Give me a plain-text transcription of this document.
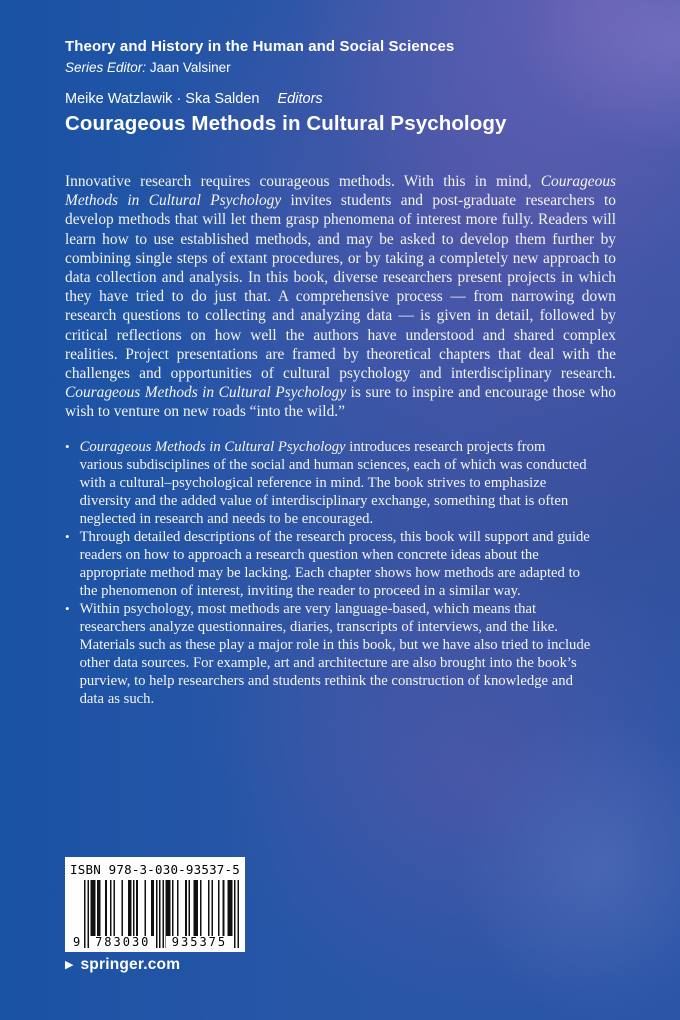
Theory and History in the Human and Social Sciences
Series Editor: Jaan Valsiner
Meike Watzlawik · Ska Salden Editors
Courageous Methods in Cultural Psychology

Innovative research requires courageous methods. With this in mind, Courageous Methods in Cultural Psychology invites students and post-graduate researchers to develop methods that will let them grasp phenomena of interest more fully. Readers will learn how to use established methods, and may be asked to develop them further by combining single steps of extant procedures, or by taking a completely new approach to data collection and analysis. In this book, diverse researchers present projects in which they have tried to do just that. A comprehensive process — from narrowing down research questions to collecting and analyzing data — is given in detail, followed by critical reflections on how well the authors have understood and shared complex realities. Project presentations are framed by theoretical chapters that deal with the challenges and opportunities of cultural psychology and interdisciplinary research. Courageous Methods in Cultural Psychology is sure to inspire and encourage those who wish to venture on new roads “into the wild.”

• Courageous Methods in Cultural Psychology introduces research projects from various subdisciplines of the social and human sciences, each of which was conducted with a cultural–psychological reference in mind. The book strives to emphasize diversity and the added value of interdisciplinary exchange, something that is often neglected in research and needs to be encouraged.
• Through detailed descriptions of the research process, this book will support and guide readers on how to approach a research question when concrete ideas about the appropriate method may be lacking. Each chapter shows how methods are adapted to the phenomenon of interest, inviting the reader to proceed in a similar way.
• Within psychology, most methods are very language-based, which means that researchers analyze questionnaires, diaries, transcripts of interviews, and the like. Materials such as these play a major role in this book, but we have also tried to include other data sources. For example, art and architecture are also brought into the book’s purview, to help researchers and students rethink the construction of knowledge and data as such.
ISBN 978-3-030-93537-5
9	783030	935375
▶ springer.com
